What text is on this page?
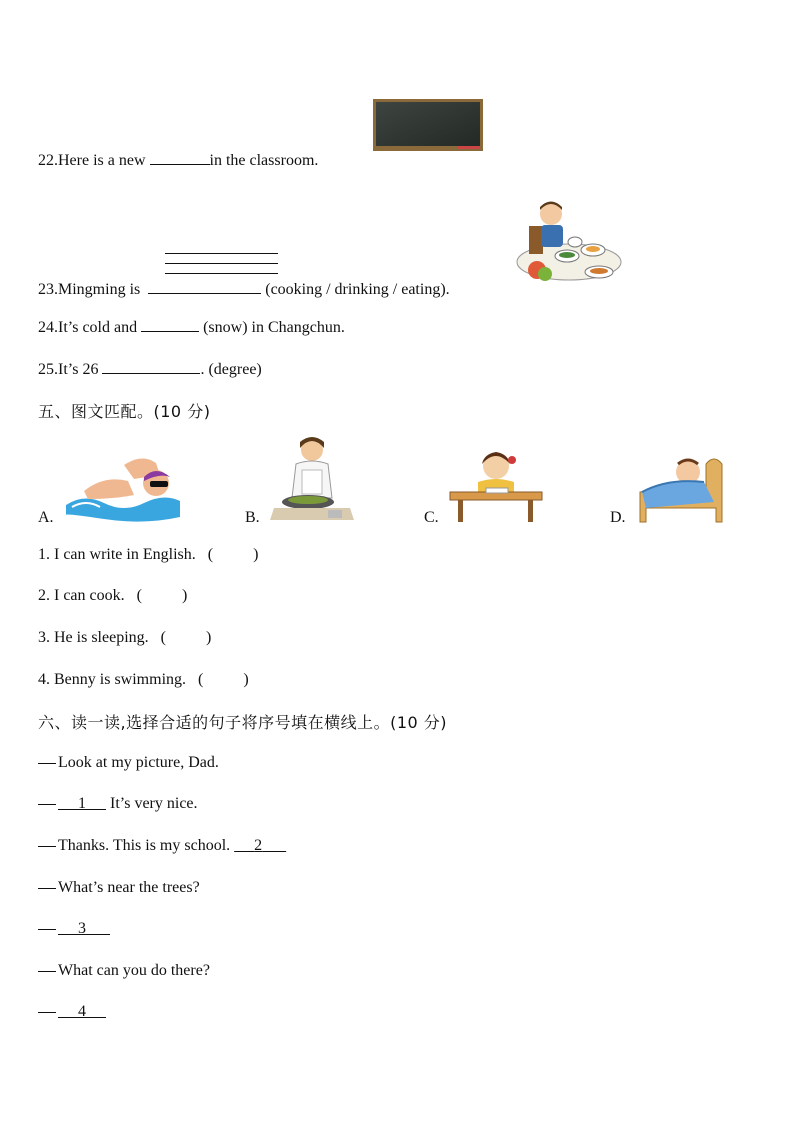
22.Here is a new	in the classroom.
23.Mingming is	(cooking / drinking / eating).
24.It’s cold and	(snow) in Changchun.
25.It’s 26	. (degree)
五、图文匹配。(10 分)
A.	B.	C.	D.
1. I can write in English. (          )
2. I can cook. (          )
3. He is sleeping. (          )
4. Benny is swimming. (          )
六、读一读,选择合适的句子将序号填在横线上。(10 分)
Look at my picture, Dad.
1      It’s very nice.
Thanks. This is my school.      2
What’s near the trees?
3
What can you do there?
4
